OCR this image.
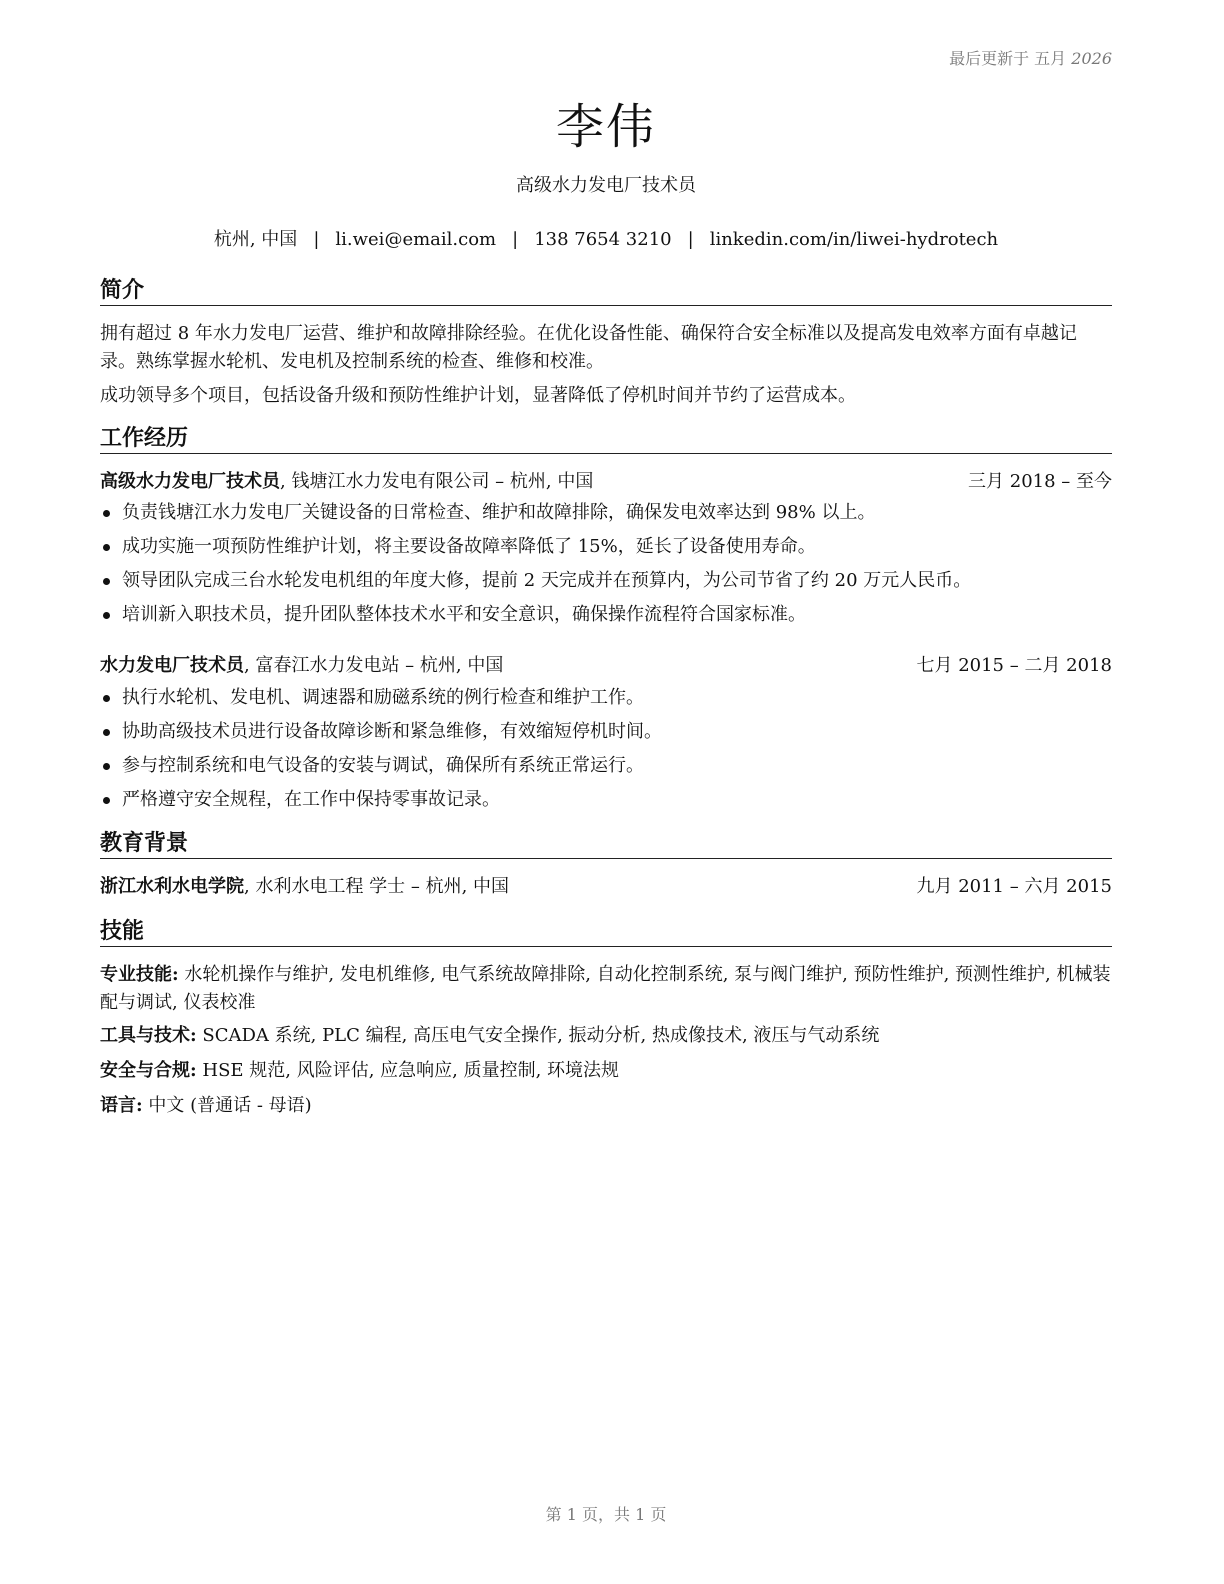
最后更新于 五月 2026
李伟
高级水力发电厂技术员
杭州, 中国 | li.wei@email.com | 138 7654 3210 | linkedin.com/in/liwei-hydrotech
简介
拥有超过 8 年水力发电厂运营、维护和故障排除经验。在优化设备性能、确保符合安全标准以及提高发电效率方面有卓越记录。熟练掌握水轮机、发电机及控制系统的检查、维修和校准。
成功领导多个项目，包括设备升级和预防性维护计划，显著降低了停机时间并节约了运营成本。
工作经历
高级水力发电厂技术员, 钱塘江水力发电有限公司 – 杭州, 中国	三月 2018 – 至今
负责钱塘江水力发电厂关键设备的日常检查、维护和故障排除，确保发电效率达到 98% 以上。
成功实施一项预防性维护计划，将主要设备故障率降低了 15%，延长了设备使用寿命。
领导团队完成三台水轮发电机组的年度大修，提前 2 天完成并在预算内，为公司节省了约 20 万元人民币。
培训新入职技术员，提升团队整体技术水平和安全意识，确保操作流程符合国家标准。
水力发电厂技术员, 富春江水力发电站 – 杭州, 中国	七月 2015 – 二月 2018
执行水轮机、发电机、调速器和励磁系统的例行检查和维护工作。
协助高级技术员进行设备故障诊断和紧急维修，有效缩短停机时间。
参与控制系统和电气设备的安装与调试，确保所有系统正常运行。
严格遵守安全规程，在工作中保持零事故记录。
教育背景
浙江水利水电学院, 水利水电工程 学士 – 杭州, 中国	九月 2011 – 六月 2015
技能
专业技能: 水轮机操作与维护, 发电机维修, 电气系统故障排除, 自动化控制系统, 泵与阀门维护, 预防性维护, 预测性维护, 机械装配与调试, 仪表校准
工具与技术: SCADA 系统, PLC 编程, 高压电气安全操作, 振动分析, 热成像技术, 液压与气动系统
安全与合规: HSE 规范, 风险评估, 应急响应, 质量控制, 环境法规
语言: 中文 (普通话 - 母语)
第 1 页，共 1 页
